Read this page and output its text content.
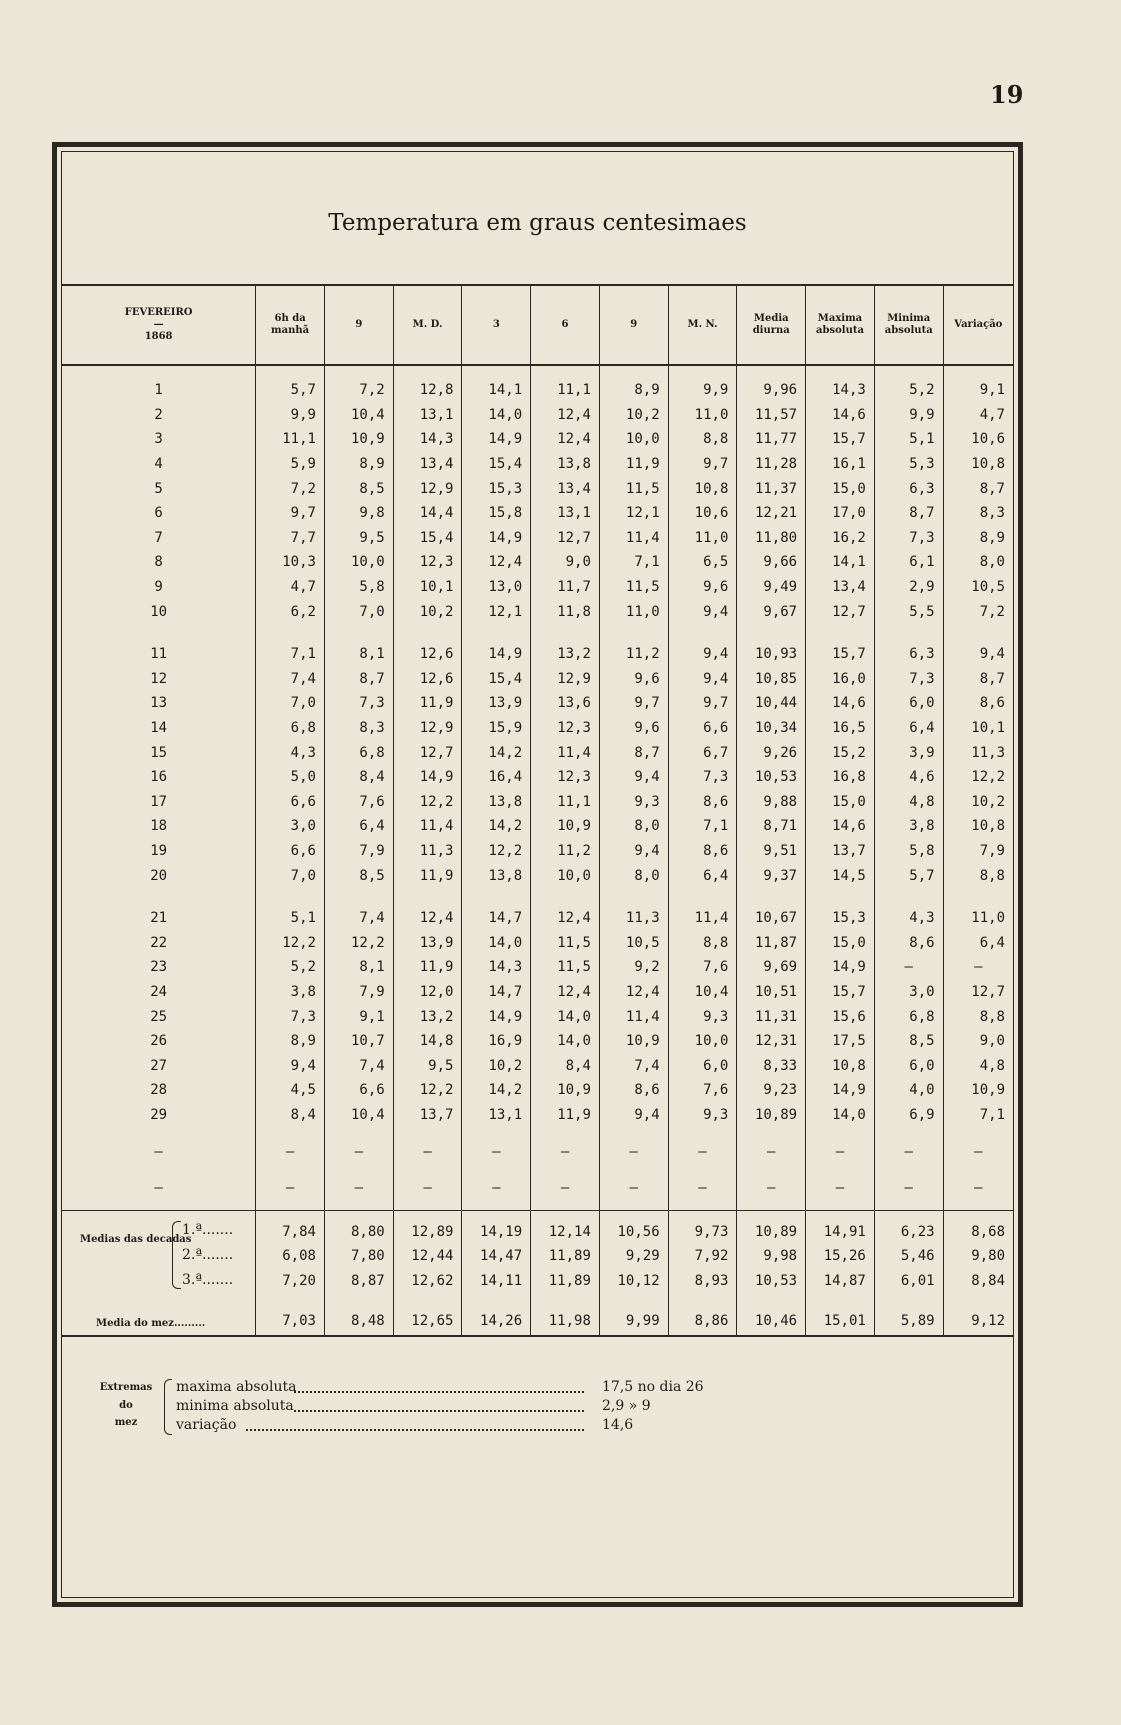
19
Temperatura em graus centesimaes
FEVEREIRO
—
1868	6h da manhã	9	M. D.	3	6	9	M. N.	Media diurna	Maxima absoluta	Minima absoluta	Variação

1	5,7	7,2	12,8	14,1	11,1	8,9	9,9	9,96	14,3	5,2	9,1
2	9,9	10,4	13,1	14,0	12,4	10,2	11,0	11,57	14,6	9,9	4,7
3	11,1	10,9	14,3	14,9	12,4	10,0	8,8	11,77	15,7	5,1	10,6
4	5,9	8,9	13,4	15,4	13,8	11,9	9,7	11,28	16,1	5,3	10,8
5	7,2	8,5	12,9	15,3	13,4	11,5	10,8	11,37	15,0	6,3	8,7
6	9,7	9,8	14,4	15,8	13,1	12,1	10,6	12,21	17,0	8,7	8,3
7	7,7	9,5	15,4	14,9	12,7	11,4	11,0	11,80	16,2	7,3	8,9
8	10,3	10,0	12,3	12,4	9,0	7,1	6,5	9,66	14,1	6,1	8,0
9	4,7	5,8	10,1	13,0	11,7	11,5	9,6	9,49	13,4	2,9	10,5
10	6,2	7,0	10,2	12,1	11,8	11,0	9,4	9,67	12,7	5,5	7,2

11	7,1	8,1	12,6	14,9	13,2	11,2	9,4	10,93	15,7	6,3	9,4
12	7,4	8,7	12,6	15,4	12,9	9,6	9,4	10,85	16,0	7,3	8,7
13	7,0	7,3	11,9	13,9	13,6	9,7	9,7	10,44	14,6	6,0	8,6
14	6,8	8,3	12,9	15,9	12,3	9,6	6,6	10,34	16,5	6,4	10,1
15	4,3	6,8	12,7	14,2	11,4	8,7	6,7	9,26	15,2	3,9	11,3
16	5,0	8,4	14,9	16,4	12,3	9,4	7,3	10,53	16,8	4,6	12,2
17	6,6	7,6	12,2	13,8	11,1	9,3	8,6	9,88	15,0	4,8	10,2
18	3,0	6,4	11,4	14,2	10,9	8,0	7,1	8,71	14,6	3,8	10,8
19	6,6	7,9	11,3	12,2	11,2	9,4	8,6	9,51	13,7	5,8	7,9
20	7,0	8,5	11,9	13,8	10,0	8,0	6,4	9,37	14,5	5,7	8,8

21	5,1	7,4	12,4	14,7	12,4	11,3	11,4	10,67	15,3	4,3	11,0
22	12,2	12,2	13,9	14,0	11,5	10,5	8,8	11,87	15,0	8,6	6,4
23	5,2	8,1	11,9	14,3	11,5	9,2	7,6	9,69	14,9	—	—
24	3,8	7,9	12,0	14,7	12,4	12,4	10,4	10,51	15,7	3,0	12,7
25	7,3	9,1	13,2	14,9	14,0	11,4	9,3	11,31	15,6	6,8	8,8
26	8,9	10,7	14,8	16,9	14,0	10,9	10,0	12,31	17,5	8,5	9,0
27	9,4	7,4	9,5	10,2	8,4	7,4	6,0	8,33	10,8	6,0	4,8
28	4,5	6,6	12,2	14,2	10,9	8,6	7,6	9,23	14,9	4,0	10,9
29	8,4	10,4	13,7	13,1	11,9	9,4	9,3	10,89	14,0	6,9	7,1

—	—	—	—	—	—	—	—	—	—	—	—

—	—	—	—	—	—	—	—	—	—	—	—

Medias das decadas
1.ª.......	7,84	8,80	12,89	14,19	12,14	10,56	9,73	10,89	14,91	6,23	8,68

2.ª.......	6,08	7,80	12,44	14,47	11,89	9,29	7,92	9,98	15,26	5,46	9,80

3.ª.......	7,20	8,87	12,62	14,11	11,89	10,12	8,93	10,53	14,87	6,01	8,84
Media do mez.........	7,03	8,48	12,65	14,26	11,98	9,99	8,86	10,46	15,01	5,89	9,12
Extremas
do
mez
maxima absoluta	17,5 no dia 26
minima absoluta	2,9 » 9
variação	14,6
